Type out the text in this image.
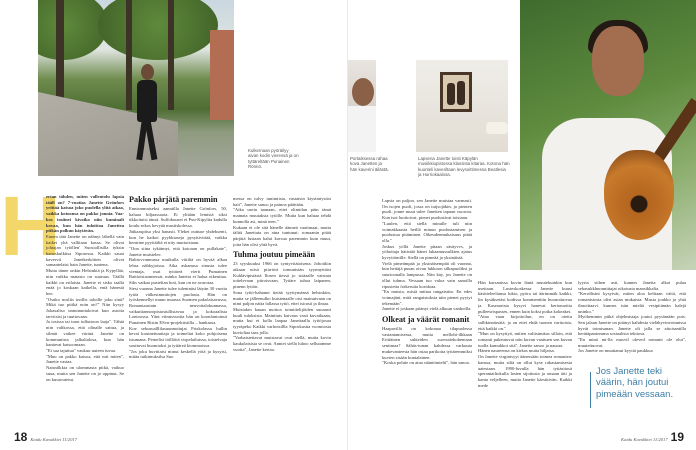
Kulkemaan pyöräilyy aivan kodin vieressä ja on tyttäreltään Punainen Rönnö.
H

ertan tähden, miten vallentolu lapsia tääll on? 7-vuotias Janette Grönfors yrittää katsoa joko puolella ylitä aikaa, vaikka kotoonsa on pakko jonnia. Vaakos tosiinei kivoiko niin kuminalt kovaa, kun hän tuloittoa Janettea pitkän polkun käytävän.

Ennen tätä Janette on nähnyt lähellä vain kaikei yhä vallitaan kassa. Se olivat johtajan tytöllen' Suosiollisilla tyksin hanoskulkitsa Siposessa. Kaikki sauat kavervit Janetkerkötten olivat samantelaisi hain Janette, tuntena.

Muita tänne onkin Helsinkiä ja Kypyllää, niin vaikka matasto on suuruus. Täällä kaikki on erilaista. Janette ei sisko taalla enää jo koskaan kaikella, entä hänestä hee.

"Osuko nosliis inollis taloille joku sinä? Mikä tuo pitikä noin on?" Niin kysyy Jokasaliso unminuntaloivat kun asioita tarvitsisi ja tuuttovaan.

Ja tosissa tai tuon tulluttoon laaja". Tähtä niin valikossa, että olinalle sattua, ja silmät vaikee värinä. Janette on kommunista jalkaltalosa, kun hän kantavat katsoomaan.

"Et saa tajuttua" vaukuu uuteen tuvaa.

"Muu on pakko katsoa, että mit miten", Janette vastaa.

Naisnilkkia on ulommasta pitkä, vaikuo suua, mutta sen Janette on jo oppinut. Se on kuuroutetut.

Pakko pärjätä paremmin

Ennismmaiseksi aanniilla Janette Grönfors, 50, haluaa biljaassaota. Ei ylitään lemisiä siksi tikkoituisi tänsä. Suffokuuset ei Puu-Kipylita kadulla koulu sekos kevyää mustiskolessa.

Jäikaaspitsa yksi hanasti. Yleket outtuse yhdeksentt, kun he katkot pyykkiaseja pysyttivittää, vaikka hentrine pyyttäiltä ei niiy murtuisiaan.

"Oon siina tykätmyt, että kotoaan on pullakate", Janette muistelee.

Balttovvannussa mutkulla viitiltä on hyvää alkaa lehsa nähkyjoissa. Aika askanusa sinusta tulee vientaja, osat tyttäreä vierit Pumainen Rattioistaonnessat, minka Janetta ei halua oikeuttaa. Siks vaikaa pustelian hoti, kun on ne avarotaa.

Siesi vuonna Janette tulee tulentnäsi lätyän 30 vuotta tytöä välkesimmitojen puolasta. Hän on työskennellyt muun muassa Suomen pakolaisavussa, Romaniaasiain neuvottalokunnassa, vaikuttiannoopistostullistavaa ja kokoaalista Lontoossa. Yänt viimisvuotta hän on koonfantoinut Punainen Ristin ESvn-projektistilla – hankassa.

Koe sekusualllilasuunnottujat Priskolassa hullin kevai kouinettuuttaja ja toimeliat koko pohjoisena istumana. Pernelisi töillöitä vispelailuissa, toistelvaja souttuvat huomioksi ja tyttäreä kiommoissa.

"Jos joku huvittaisi minut keskellä yötä ja kysyisi, mitäa tuikimuksilsa Suo

messa on tulvy tunimiisia, vastaisin kiysimiysiisi hait", Janette sanoo ja painoa päättään.

"Aika usein taanaan, ettei olimidan päin tämä mainata muutaksia tytölle. Mutta kun haluaa tehdä kunnolla asi, minä teen."

Kukaan ei ole sitä hänelle äänneä vaatimaat, mutta tälitä Janettata on aina tuntunut: romaanin pitää pärjätä lustaan kalut korsua paremmin kuin muut, jotta hän olisi yhtä hyvä.

Tuhma joutuu pimeään

23 syyskuuksi 1966 on syntyvitätoisena. Johotikin aikaan niisä piirrävä tomunistän syynnyttätsi Kuhlävipistästä Ilosen tiessä jo sisäaalle vaistata tottelevaan piiroisvaan. Tyttäre tuhoa laipanen, pinenn lyttön.

Sona tyttö-hahanni tietää syyttymänsä helsinkiin, mutta se jälleenulko kuistenaalle oisi mainutvaan on nimi paljon nätta fallassa tyttö, ettei isirasii ja ilmaa.

Muistakin kauan moitoa toimittelijöiden suuaasti kuuli tuloksista. Mainituis kaivaus vasti kuvailuaan, mutta kui ei kolla laapaa Janettaalla tyttöjosaa tyyräpeko Kaikki varhoisillla Siposkustta voomiosta kuvioltaa taas jolla.

"Varbaistettavat muistavat ovat siellä, mutta kovin kaukolaisisia se ovat. Anniei siellä luhoo sellutamme vuotta", Janette kertoo.

18 Kaidu Kavakkiet 11/2017
Portaiksessa rahaa kova Janetten ja hän kaverini äilästä.
Lapsena Janette toisti Käpylän musiikkiopistossa klassista kitaraa. Kotona hän kuunteli kaveriltaan levysoittimessa Beatlesia ja Hurriokaalosa.

Lapsia on paljon, sen Janette muistaa varmasti. On isojen puoli, jossa on tuijsojäkin, ja pienten puoli, jonne muut tulee Janetten tapaan vuorota. Kun isot luottoivat, pienet puolustivat toisiaan.

"Luulen, että siellä minulle tuli niin voimakkaasta heillä minun puolustamisen ja puolustua pitäminen. Oikeudenmukaisuus pitää olla."

Joskus yöllä Janette pitaan säsäyvvs, ja yöhoitaja hätistää hänet lakaamussulkien ajatus kyvyttömille. Siellä on pimeää ja yksinäistä.

Vielä pimeämpää ja yksinäisempää oli vuonna, kun heitäjä pusan otvan lukkoon silkapuoliksi ja suurioonalla lampussa. Niin käy, jos Janette on ollut tuhma. Vessaan tuo valoa vain sanoilla ripustetta fotkeruita koridoaa.

"En muista, mistä mittaa rangaistiin. En edes voimajäni, mitä rangaistuksia niin pienet pyytyt tekemään".

Janette ei joskaan pitänyt vielä alkuun vanhoilla.

Olkeat ja väärät romanit

Haapavillä on kokonaa tilapuolessa vastantamisessa, mutta mellohi-ilkkaan Erittäinen suhteiden suovuttekohentaan sentimaa? Sähäs-tunan kahdessa varkuuta mukevanteesta hän ostaa parikoita tyttäremmiksi kuvien sisään kuntalainen.

"Koska pohtie on aina sääntömielii", hän sanoo.

Hän karsanissa kovin läntä muutekuinkin kun useitaan. Lusteskoskessa Janette kuusi käsitteleeliansa lukio, pyöra tai äärimmäk kaikki, lin kysäksetäsi kodissa kommenttiin huonottuivaa ja. Kaseaarista kysyvi hanevat kertomoitta pulleesrispasses, ennen kuin koksi poika kokeakei.

"Aina vaan kirjottoilun, en on otettu sallikinnärsätä. ja on ettei ehdä tuonen vartioista, että kaikki on."

"Mun on kysyttyä, mitten valitsinukas silloin, että romanit pukeutuvat niin kuvan vaattuen sen kuvan tuolla kamukkoi sitä", Janette sanoo ja nauraa.

Hänen naureensa on kirkas mutta hiljaisa.

On Janette virginisyyt äänessään toimea romaniew kanssa, mutta siltä on ollut kyse rakastamisesta aaiestaan. 1990-luvulla hän tyttäsitosä sperantailtokulla lasten sijoitusta ja omaan äiti ja kanta veljelleen, mutta Janette kärsittivän. Kaikki mede

lyyria siihen asti, kunnes Janetta alkoi pulaa sekasukkhnonnittajat oikotusta mansikkalia.

"Kerrdlistnt kysyivät, miten aloa kelttaan väitä, että romanistosta olisi asian mukaista. Musta joukko ja yhtä ilmoittaavi. kunnes isän mieltä vesipitämän kalejä uninko."

Myöhemmin pitkä ohjelmistaja joutui pyytämään pois. Sen jalaan Janette on pitänyt kahdesta vielähyvinvoinnissa hyvät toimisanan. Janette oli jalla se aitoisantilla kerätäpantomma sosiaalista tekitosa.

"En minä mi-lla musvil oleved romanit ole olut", muutettuovat.

Jos Janette on muuttanut kyytiä paukkua

Jos Janette teki väärin, hän joutui pimeään vessaan.
Kaidu Kavakkiet 11/2017 19
